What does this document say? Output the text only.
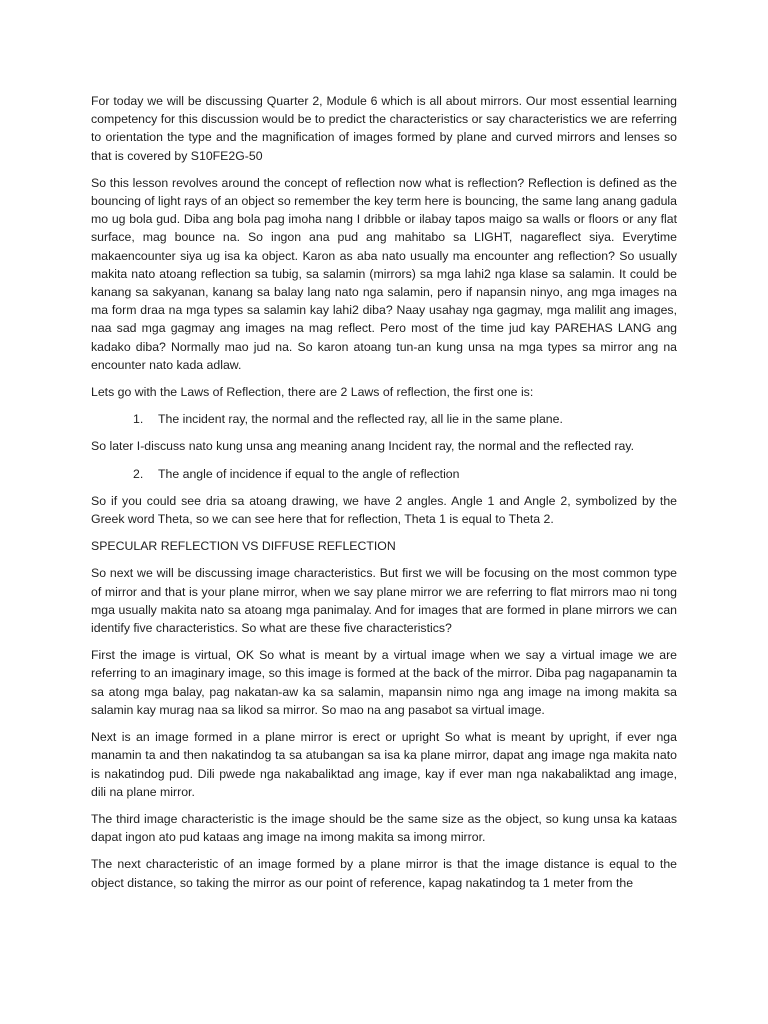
For today we will be discussing Quarter 2, Module 6 which is all about mirrors. Our most essential learning competency for this discussion would be to predict the characteristics or say characteristics we are referring to orientation the type and the magnification of images formed by plane and curved mirrors and lenses so that is covered by S10FE2G-50

So this lesson revolves around the concept of reflection now what is reflection? Reflection is defined as the bouncing of light rays of an object so remember the key term here is bouncing, the same lang anang gadula mo ug bola gud. Diba ang bola pag imoha nang I dribble or ilabay tapos maigo sa walls or floors or any flat surface, mag bounce na. So ingon ana pud ang mahitabo sa LIGHT, nagareflect siya. Everytime makaencounter siya ug isa ka object. Karon as aba nato usually ma encounter ang reflection? So usually makita nato atoang reflection sa tubig, sa salamin (mirrors) sa mga lahi2 nga klase sa salamin. It could be kanang sa sakyanan, kanang sa balay lang nato nga salamin, pero if napansin ninyo, ang mga images na ma form draa na mga types sa salamin kay lahi2 diba? Naay usahay nga gagmay, mga malilit ang images, naa sad mga gagmay ang images na mag reflect. Pero most of the time jud kay PAREHAS LANG ang kadako diba? Normally mao jud na. So karon atoang tun-an kung unsa na mga types sa mirror ang na encounter nato kada adlaw.

Lets go with the Laws of Reflection, there are 2 Laws of reflection, the first one is:

1.	The incident ray, the normal and the reflected ray, all lie in the same plane.

So later I-discuss nato kung unsa ang meaning anang Incident ray, the normal and the reflected ray.

2.	The angle of incidence if equal to the angle of reflection

So if you could see dria sa atoang drawing, we have 2 angles. Angle 1 and Angle 2, symbolized by the Greek word Theta, so we can see here that for reflection, Theta 1 is equal to Theta 2.

SPECULAR REFLECTION VS DIFFUSE REFLECTION

So next we will be discussing image characteristics. But first we will be focusing on the most common type of mirror and that is your plane mirror, when we say plane mirror we are referring to flat mirrors mao ni tong mga usually makita nato sa atoang mga panimalay. And for images that are formed in plane mirrors we can identify five characteristics. So what are these five characteristics?

First the image is virtual, OK So what is meant by a virtual image when we say a virtual image we are referring to an imaginary image, so this image is formed at the back of the mirror. Diba pag nagapanamin ta sa atong mga balay, pag nakatan-aw ka sa salamin, mapansin nimo nga ang image na imong makita sa salamin kay murag naa sa likod sa mirror. So mao na ang pasabot sa virtual image.

Next is an image formed in a plane mirror is erect or upright So what is meant by upright, if ever nga manamin ta and then nakatindog ta sa atubangan sa isa ka plane mirror, dapat ang image nga makita nato is nakatindog pud. Dili pwede nga nakabaliktad ang image, kay if ever man nga nakabaliktad ang image, dili na plane mirror.

The third image characteristic is the image should be the same size as the object, so kung unsa ka kataas dapat ingon ato pud kataas ang image na imong makita sa imong mirror.

The next characteristic of an image formed by a plane mirror is that the image distance is equal to the object distance, so taking the mirror as our point of reference, kapag nakatindog ta 1 meter from the
